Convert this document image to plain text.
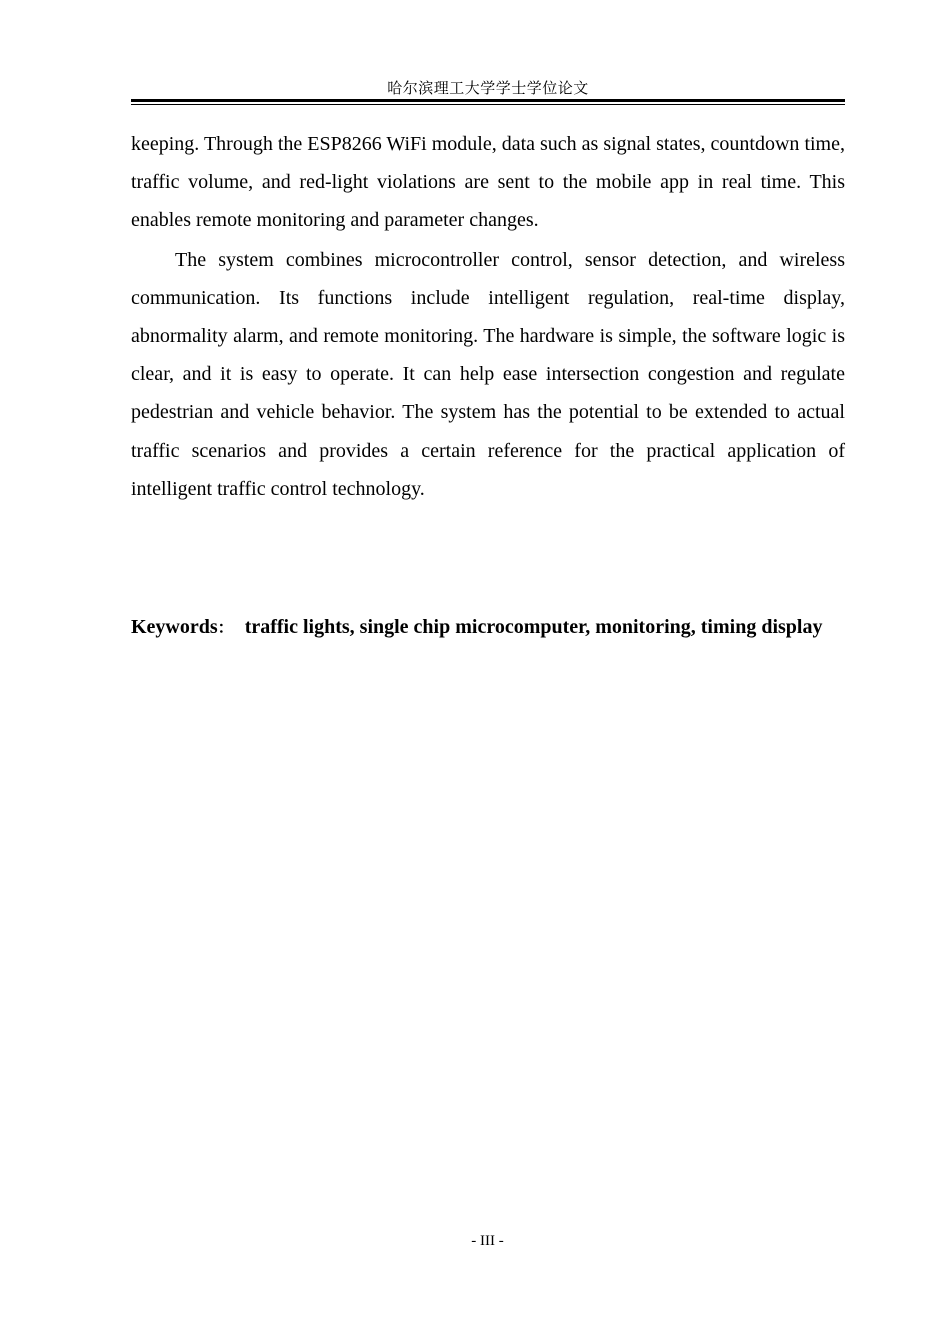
哈尔滨理工大学学士学位论文

keeping. Through the ESP8266 WiFi module, data such as signal states, countdown time, traffic volume, and red-light violations are sent to the mobile app in real time. This enables remote monitoring and parameter changes.

The system combines microcontroller control, sensor detection, and wireless communication. Its functions include intelligent regulation, real-time display, abnormality alarm, and remote monitoring. The hardware is simple, the software logic is clear, and it is easy to operate. It can help ease intersection congestion and regulate pedestrian and vehicle behavior. The system has the potential to be extended to actual traffic scenarios and provides a certain reference for the practical application of intelligent traffic control technology.

Keywords： traffic lights, single chip microcomputer, monitoring, timing display
- III -
